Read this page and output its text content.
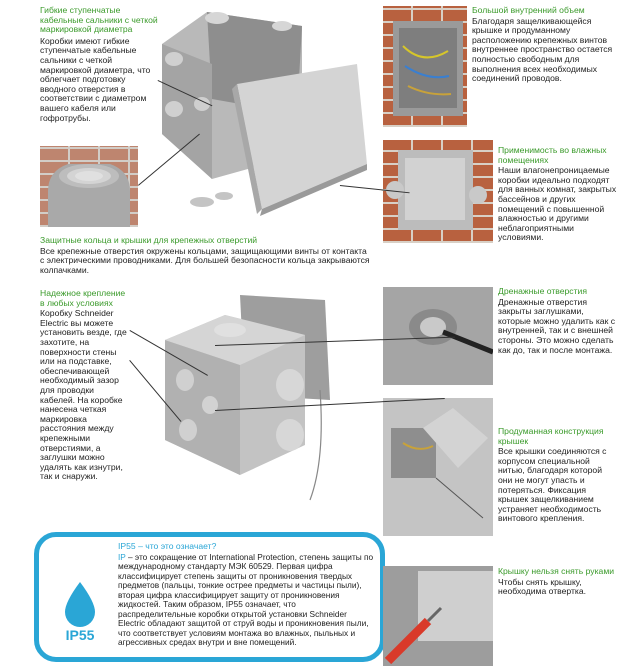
Гибкие ступенчатые кабельные сальники с четкой маркировкой диаметра
Коробки имеют гибкие ступенчатые кабельные сальники с четкой маркировкой диаметра, что облегчает подготовку вводного отверстия в соответствии с диаметром вашего кабеля или гофротрубы.
Защитные кольца и крышки для крепежных отверстий
Все крепежные отверстия окружены кольцами, защищающими винты от контакта с электрическими проводниками. Для большей безопасности кольца закрываются колпачками.
Надежное крепление в любых условиях
Коробку Schneider Electric вы можете установить везде, где захотите, на поверхности стены или на подставке, обеспечивающей необходимый зазор для проводки кабелей. На коробке нанесена четкая маркировка расстояния между крепежными отверстиями, а заглушки можно удалять как изнутри, так и снаружи.
IP55
IP55 – что это означает?
IP – это сокращение от International Protection, степень защиты по международному стандарту МЭК 60529. Первая цифра классифицирует степень защиты от проникновения твердых предметов (пальцы, тонкие острее предметы и частицы пыли), вторая цифра классифицирует защиту от проникновения жидкостей. Таким образом, IP55 означает, что распределительные коробки открытой установки Schneider Electric обладают защитой от струй воды и проникновения пыли, что соответствует условиям монтажа во влажных, пыльных и агрессивных средах внутри и вне помещений.
Большой внутренний объем
Благодаря защелкивающейся крышке и продуманному расположению крепежных винтов внутреннее пространство остается полностью свободным для выполнения всех необходимых соединений проводов.
Применимость во влажных помещениях
Наши влагонепроницаемые коробки идеально подходят для ванных комнат, закрытых бассейнов и других помещений с повышенной влажностью и другими неблагоприятными условиями.
Дренажные отверстия
Дренажные отверстия закрыты заглушками, которые можно удалить как с внутренней, так и с внешней стороны. Это можно сделать как до, так и после монтажа.
Продуманная конструкция крышек
Все крышки соединяются с корпусом специальной нитью, благодаря которой они не могут упасть и потеряться. Фиксация крышек защелкиванием устраняет необходимость винтового крепления.
Крышку нельзя снять руками
Чтобы снять крышку, необходима отвертка.
